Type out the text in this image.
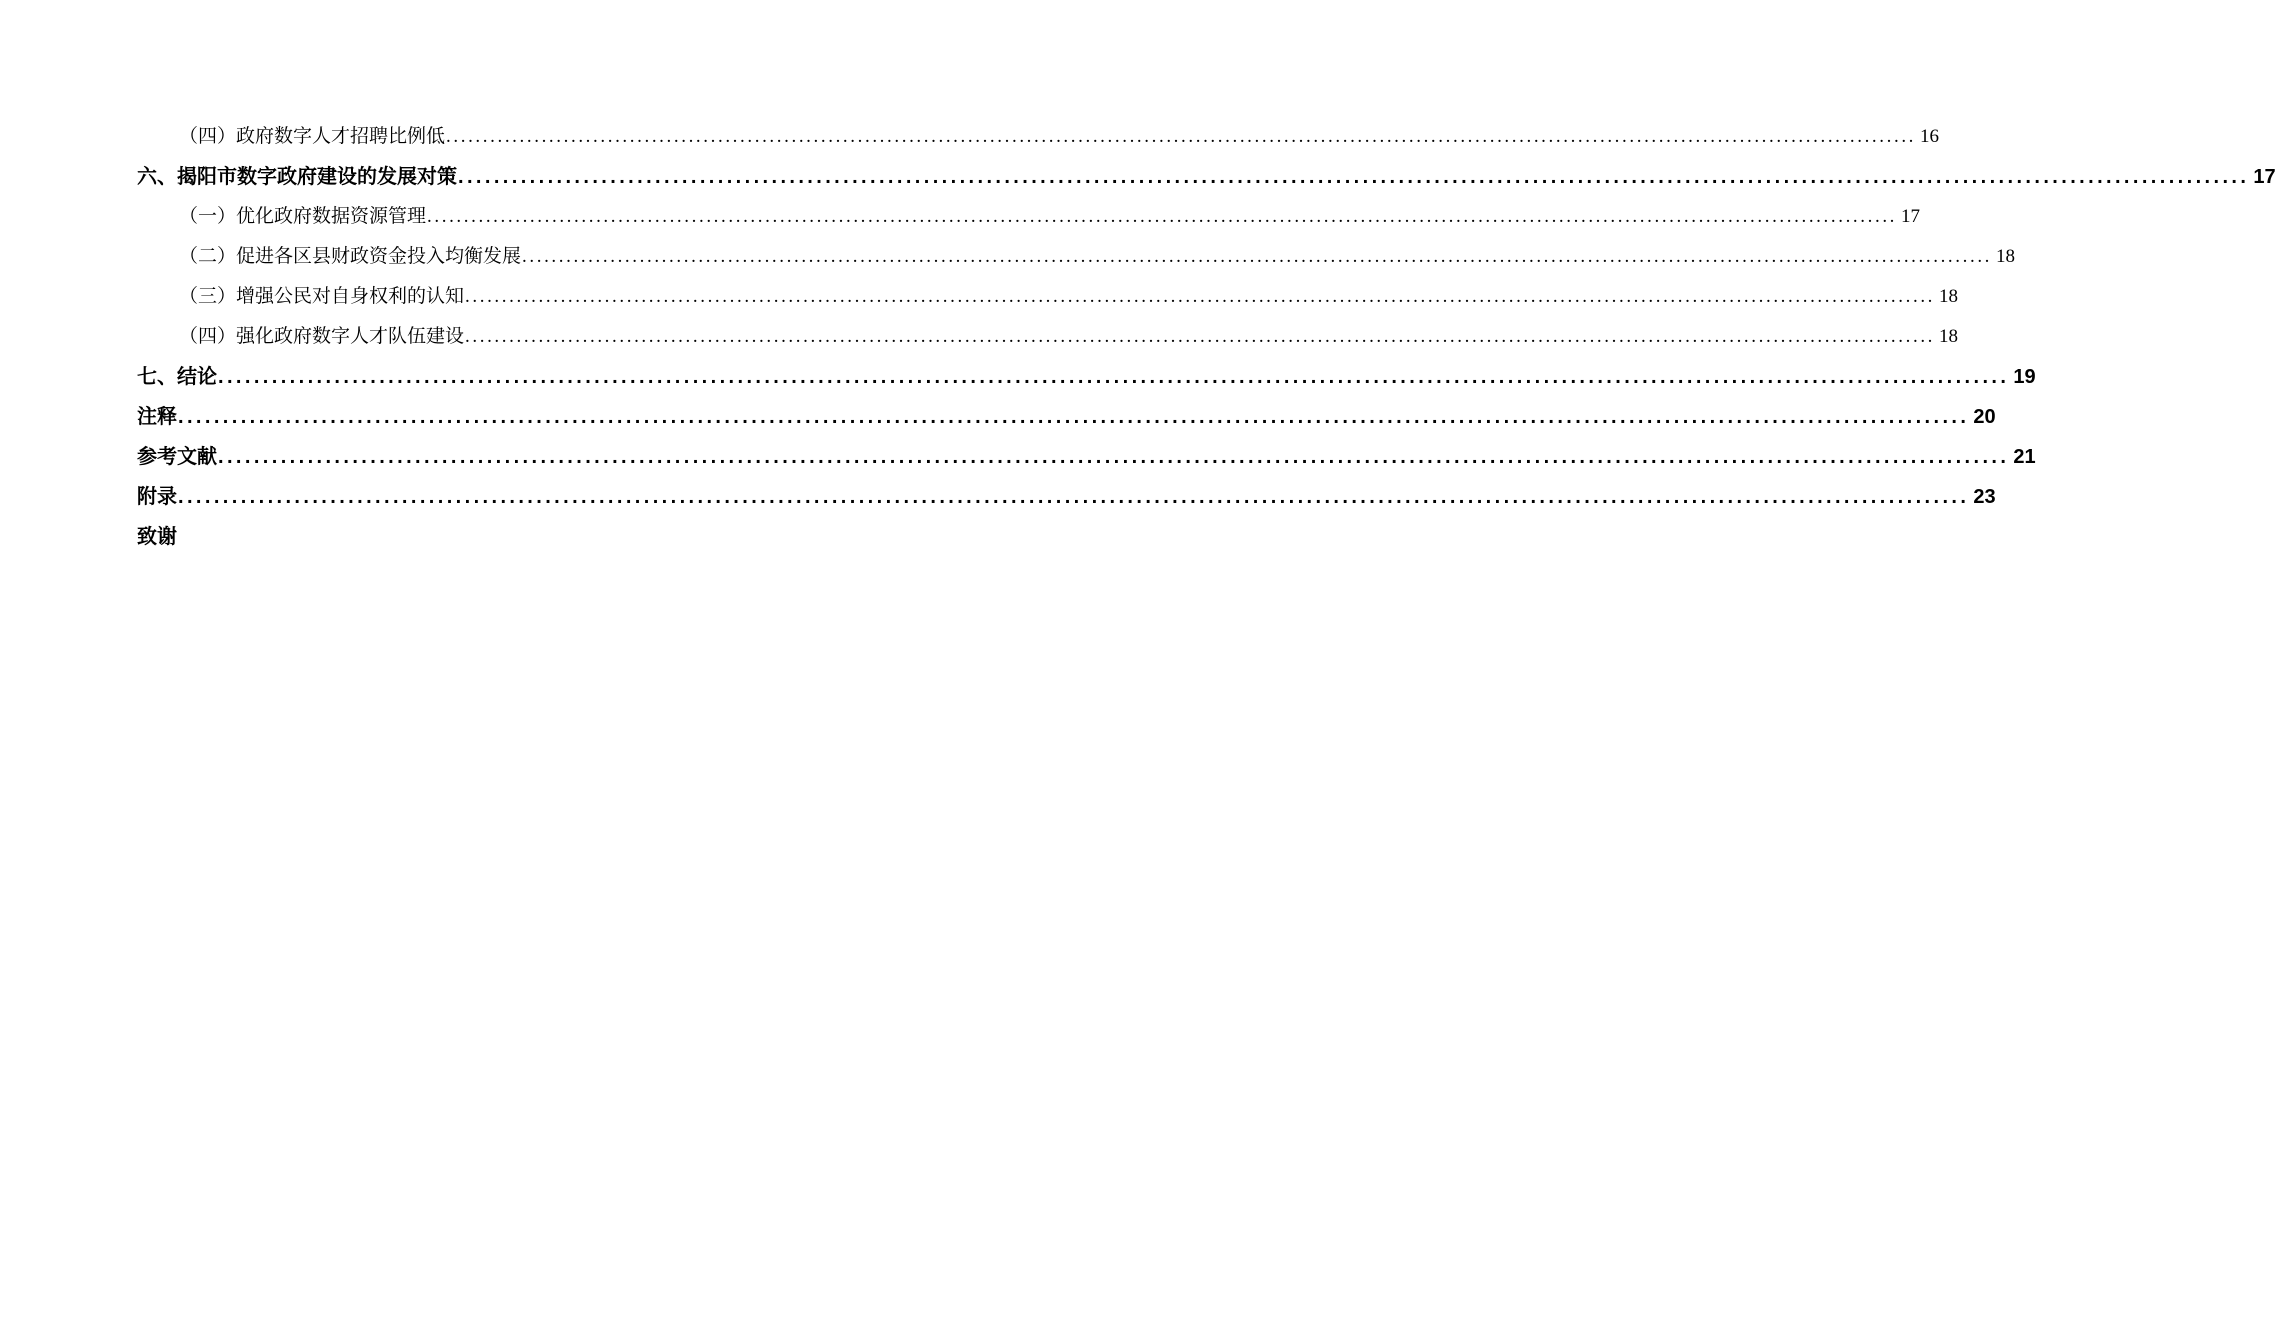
（四）政府数字人才招聘比例低 ........................................................................................................................................................................................................ 16
六、揭阳市数字政府建设的发展对策 ........................................................................................................................................................................................................ 17
（一）优化政府数据资源管理 ........................................................................................................................................................................................................ 17
（二）促进各区县财政资金投入均衡发展 ........................................................................................................................................................................................................ 18
（三）增强公民对自身权利的认知 ........................................................................................................................................................................................................ 18
（四）强化政府数字人才队伍建设 ........................................................................................................................................................................................................ 18
七、结论 ........................................................................................................................................................................................................ 19
注释 ........................................................................................................................................................................................................ 20
参考文献 ........................................................................................................................................................................................................ 21
附录 ........................................................................................................................................................................................................ 23
致谢
